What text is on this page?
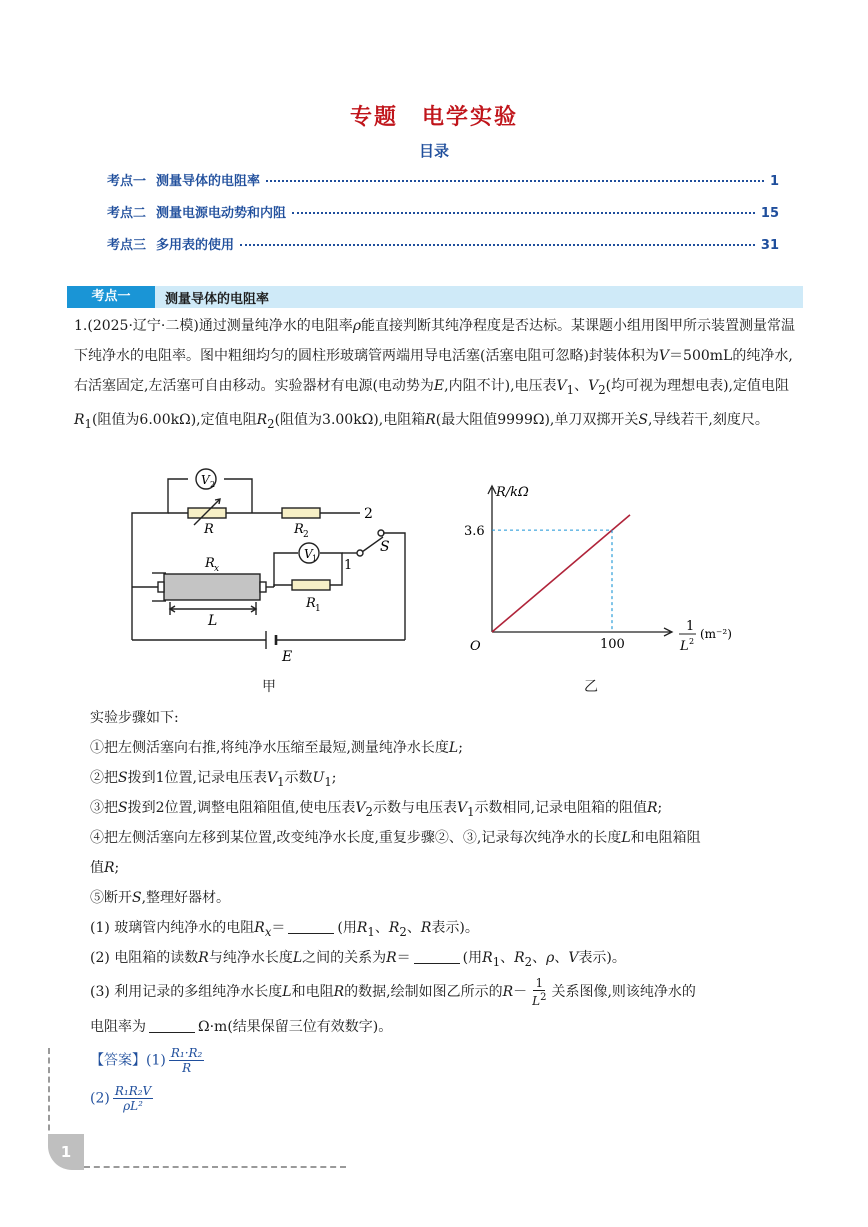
专题　电学实验
目录
考点一 测量导体的电阻率	1
考点二 测量电源电动势和内阻	15
考点三 多用表的使用	31
考点一	测量导体的电阻率
1.(2025·辽宁·二模)通过测量纯净水的电阻率ρ能直接判断其纯净程度是否达标。某课题小组用图甲所示装置测量常温下纯净水的电阻率。图中粗细均匀的圆柱形玻璃管两端用导电活塞(活塞电阻可忽略)封装体积为V＝500mL的纯净水,右活塞固定,左活塞可自由移动。实验器材有电源(电动势为E,内阻不计),电压表$V_1$、$V_2$(均可视为理想电表),定值电阻$R_1$(阻值为6.00kΩ),定值电阻$R_2$(阻值为3.00kΩ),电阻箱R(最大阻值9999Ω),单刀双掷开关S,导线若干,刻度尺。
V 2
R	R 2
2
S
R x
V 1 1
R 1
L
E
甲
R/kΩ
O
3.6
100
1
L 2
(m⁻²)
乙
实验步骤如下:
①把左侧活塞向右推,将纯净水压缩至最短,测量纯净水长度L;
②把S拨到1位置,记录电压表$V_1$示数$U_1$;
③把S拨到2位置,调整电阻箱阻值,使电压表$V_2$示数与电压表$V_1$示数相同,记录电阻箱的阻值R;
④把左侧活塞向左移到某位置,改变纯净水长度,重复步骤②、③,记录每次纯净水的长度L和电阻箱阻
值R;
⑤断开S,整理好器材。
(1) 玻璃管内纯净水的电阻$R_x=$	(用$R_1$、$R_2$、R表示)。
(2) 电阻箱的读数R与纯净水长度L之间的关系为R＝	(用$R_1$、$R_2$、ρ、V表示)。
(3) 利用记录的多组纯净水长度L和电阻R的数据,绘制如图乙所示的$R- \frac{1}{L^2}$ 关系图像,则该纯净水的
电阻率为	Ω·m(结果保留三位有效数字)。
【答案】$(1) \frac{\text{R₁·R₂}}{R}$
$(2) \frac{\text{R₁R₂V}}{\text{ρL²}}$
1
